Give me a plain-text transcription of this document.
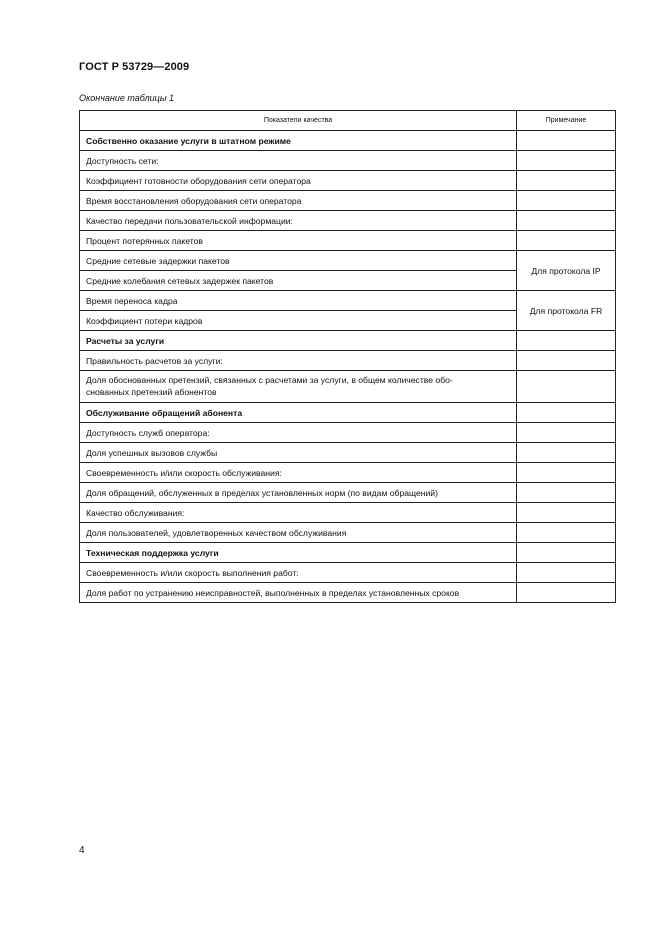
ГОСТ Р 53729—2009
Окончание таблицы 1
Показатели качества	Примечание
Собственно оказание услуги в штатном режиме	
Доступность сети:	
Коэффициент готовности оборудования сети оператора	
Время восстановления оборудования сети оператора	
Качество передачи пользовательской информации:	
Процент потерянных пакетов	
Средние сетевые задержки пакетов	Для протокола IP
Средние колебания сетевых задержек пакетов	
Время переноса кадра	Для протокола FR
Коэффициент потери кадров	
Расчеты за услуги	
Правильность расчетов за услуги:	
Доля обоснованных претензий, связанных с расчетами за услуги, в общем количестве обо-
снованных претензий абонентов	
Обслуживание обращений абонента	
Доступность служб оператора:	
Доля успешных вызовов службы	
Своевременность и/или скорость обслуживания:	
Доля обращений, обслуженных в пределах установленных норм (по видам обращений)	
Качество обслуживания:	
Доля пользователей, удовлетворенных качеством обслуживания	
Техническая поддержка услуги	
Своевременность и/или скорость выполнения работ:	
Доля работ по устранению неисправностей, выполненных в пределах установленных сроков	
4
